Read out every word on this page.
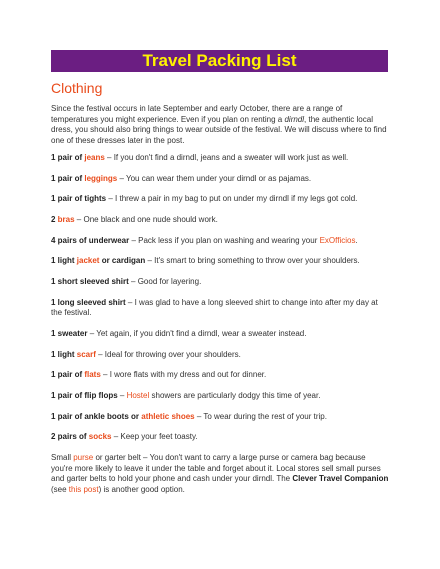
Travel Packing List
Clothing

Since the festival occurs in late September and early October, there are a range of temperatures you might experience. Even if you plan on renting a dirndl, the authentic local dress, you should also bring things to wear outside of the festival. We will discuss where to find one of these dresses later in the post.

1 pair of jeans – If you don't find a dirndl, jeans and a sweater will work just as well.

1 pair of leggings – You can wear them under your dirndl or as pajamas.

1 pair of tights – I threw a pair in my bag to put on under my dirndl if my legs got cold.

2 bras – One black and one nude should work.

4 pairs of underwear – Pack less if you plan on washing and wearing your ExOfficios.

1 light jacket or cardigan – It's smart to bring something to throw over your shoulders.

1 short sleeved shirt – Good for layering.

1 long sleeved shirt – I was glad to have a long sleeved shirt to change into after my day at the festival.

1 sweater – Yet again, if you didn't find a dirndl, wear a sweater instead.

1 light scarf – Ideal for throwing over your shoulders.

1 pair of flats – I wore flats with my dress and out for dinner.

1 pair of flip flops – Hostel showers are particularly dodgy this time of year.

1 pair of ankle boots or athletic shoes – To wear during the rest of your trip.

2 pairs of socks – Keep your feet toasty.

Small purse or garter belt – You don't want to carry a large purse or camera bag because you're more likely to leave it under the table and forget about it. Local stores sell small purses and garter belts to hold your phone and cash under your dirndl. The Clever Travel Companion (see this post) is another good option.
